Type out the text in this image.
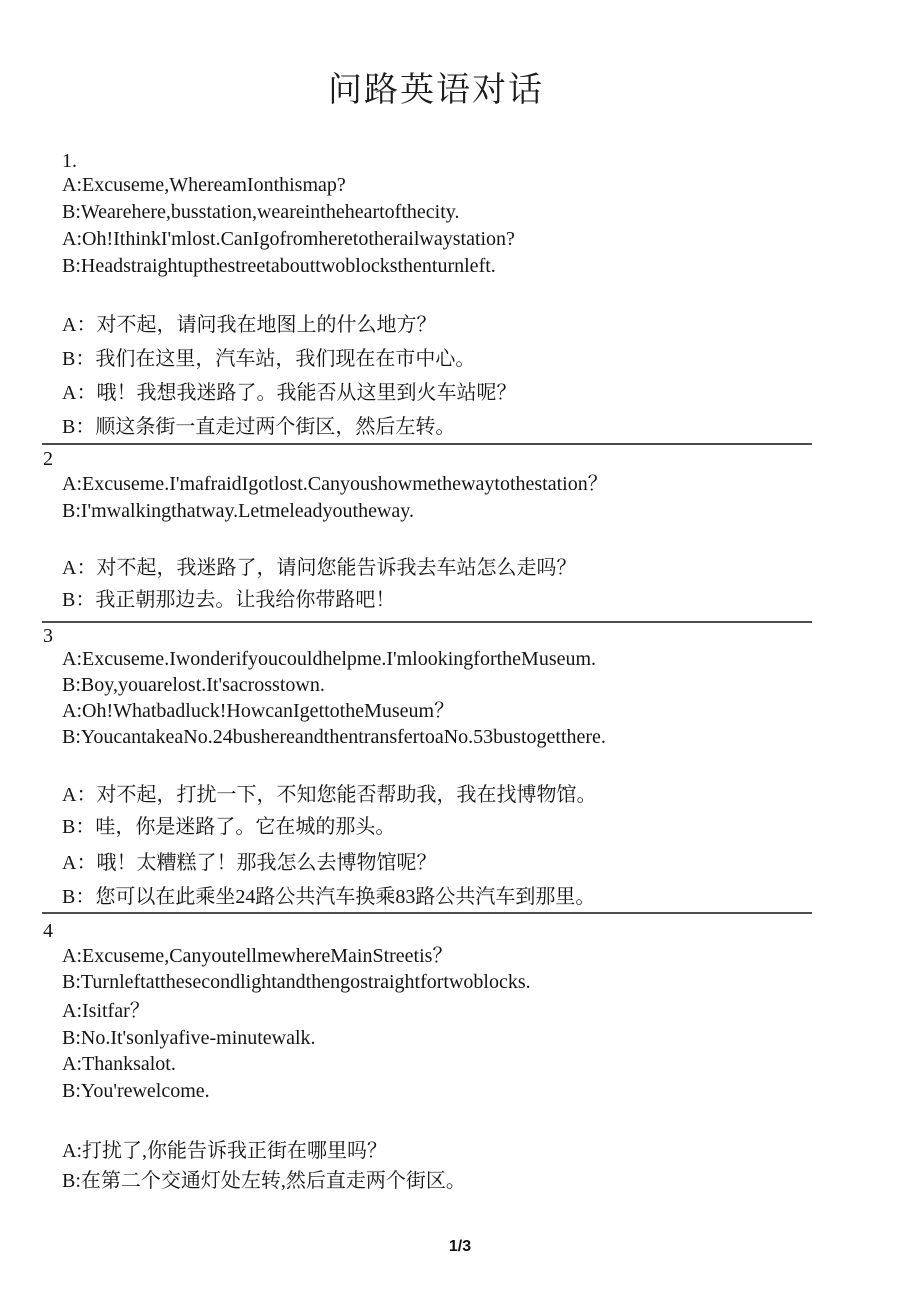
问路英语对话
1.
A:Excuseme,WhereamIonthismap?
B:Wearehere,busstation,weareintheheartofthecity.
A:Oh!IthinkI'mlost.CanIgofromheretotherailwaystation?
B:Headstraightupthestreetabouttwoblocksthenturnleft.
A：对不起，请问我在地图上的什么地方？
B：我们在这里，汽车站，我们现在在市中心。
A：哦！我想我迷路了。我能否从这里到火车站呢？
B：顺这条街一直走过两个街区，然后左转。
2
A:Excuseme.I'mafraidIgotlost.Canyoushowmethewaytothestation？
B:I'mwalkingthatway.Letmeleadyoutheway.
A：对不起，我迷路了，请问您能告诉我去车站怎么走吗？
B：我正朝那边去。让我给你带路吧！
3
A:Excuseme.Iwonderifyoucouldhelpme.I'mlookingfortheMuseum.
B:Boy,youarelost.It'sacrosstown.
A:Oh!Whatbadluck!HowcanIgettotheMuseum？
B:YoucantakeaNo.24bushereandthentransfertoaNo.53bustogetthere.
A：对不起，打扰一下，不知您能否帮助我，我在找博物馆。
B：哇，你是迷路了。它在城的那头。
A：哦！太糟糕了！那我怎么去博物馆呢？
B：您可以在此乘坐24路公共汽车换乘83路公共汽车到那里。
4
A:Excuseme,CanyoutellmewhereMainStreetis？
B:Turnleftatthesecondlightandthengostraightfortwoblocks.
A:Isitfar？
B:No.It'sonlyafive-minutewalk.
A:Thanksalot.
B:You'rewelcome.
A:打扰了,你能告诉我正街在哪里吗？
B:在第二个交通灯处左转,然后直走两个街区。
1/3
